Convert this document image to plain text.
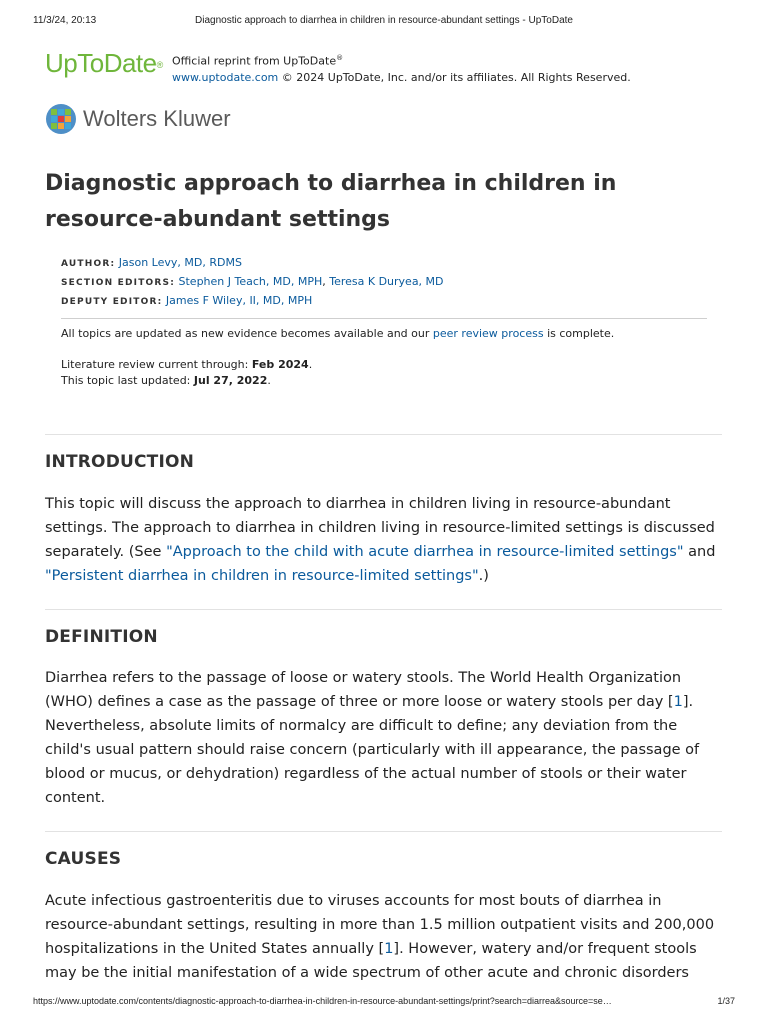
11/3/24, 20:13	Diagnostic approach to diarrhea in children in resource-abundant settings - UpToDate
UpToDate® Official reprint from UpToDate®
www.uptodate.com © 2024 UpToDate, Inc. and/or its affiliates. All Rights Reserved.
Wolters Kluwer
Diagnostic approach to diarrhea in children in resource-abundant settings
AUTHOR: Jason Levy, MD, RDMS
SECTION EDITORS: Stephen J Teach, MD, MPH, Teresa K Duryea, MD
DEPUTY EDITOR: James F Wiley, II, MD, MPH
All topics are updated as new evidence becomes available and our peer review process is complete.
Literature review current through: Feb 2024.
This topic last updated: Jul 27, 2022.
INTRODUCTION

This topic will discuss the approach to diarrhea in children living in resource-abundant settings. The approach to diarrhea in children living in resource-limited settings is discussed separately. (See "Approach to the child with acute diarrhea in resource-limited settings" and "Persistent diarrhea in children in resource-limited settings".)

DEFINITION

Diarrhea refers to the passage of loose or watery stools. The World Health Organization (WHO) defines a case as the passage of three or more loose or watery stools per day [1]. Nevertheless, absolute limits of normalcy are difficult to define; any deviation from the child's usual pattern should raise concern (particularly with ill appearance, the passage of blood or mucus, or dehydration) regardless of the actual number of stools or their water content.

CAUSES

Acute infectious gastroenteritis due to viruses accounts for most bouts of diarrhea in resource-abundant settings, resulting in more than 1.5 million outpatient visits and 200,000 hospitalizations in the United States annually [1]. However, watery and/or frequent stools may be the initial manifestation of a wide spectrum of other acute and chronic disorders

https://www.uptodate.com/contents/diagnostic-approach-to-diarrhea-in-children-in-resource-abundant-settings/print?search=diarrea&source=se…	1/37
